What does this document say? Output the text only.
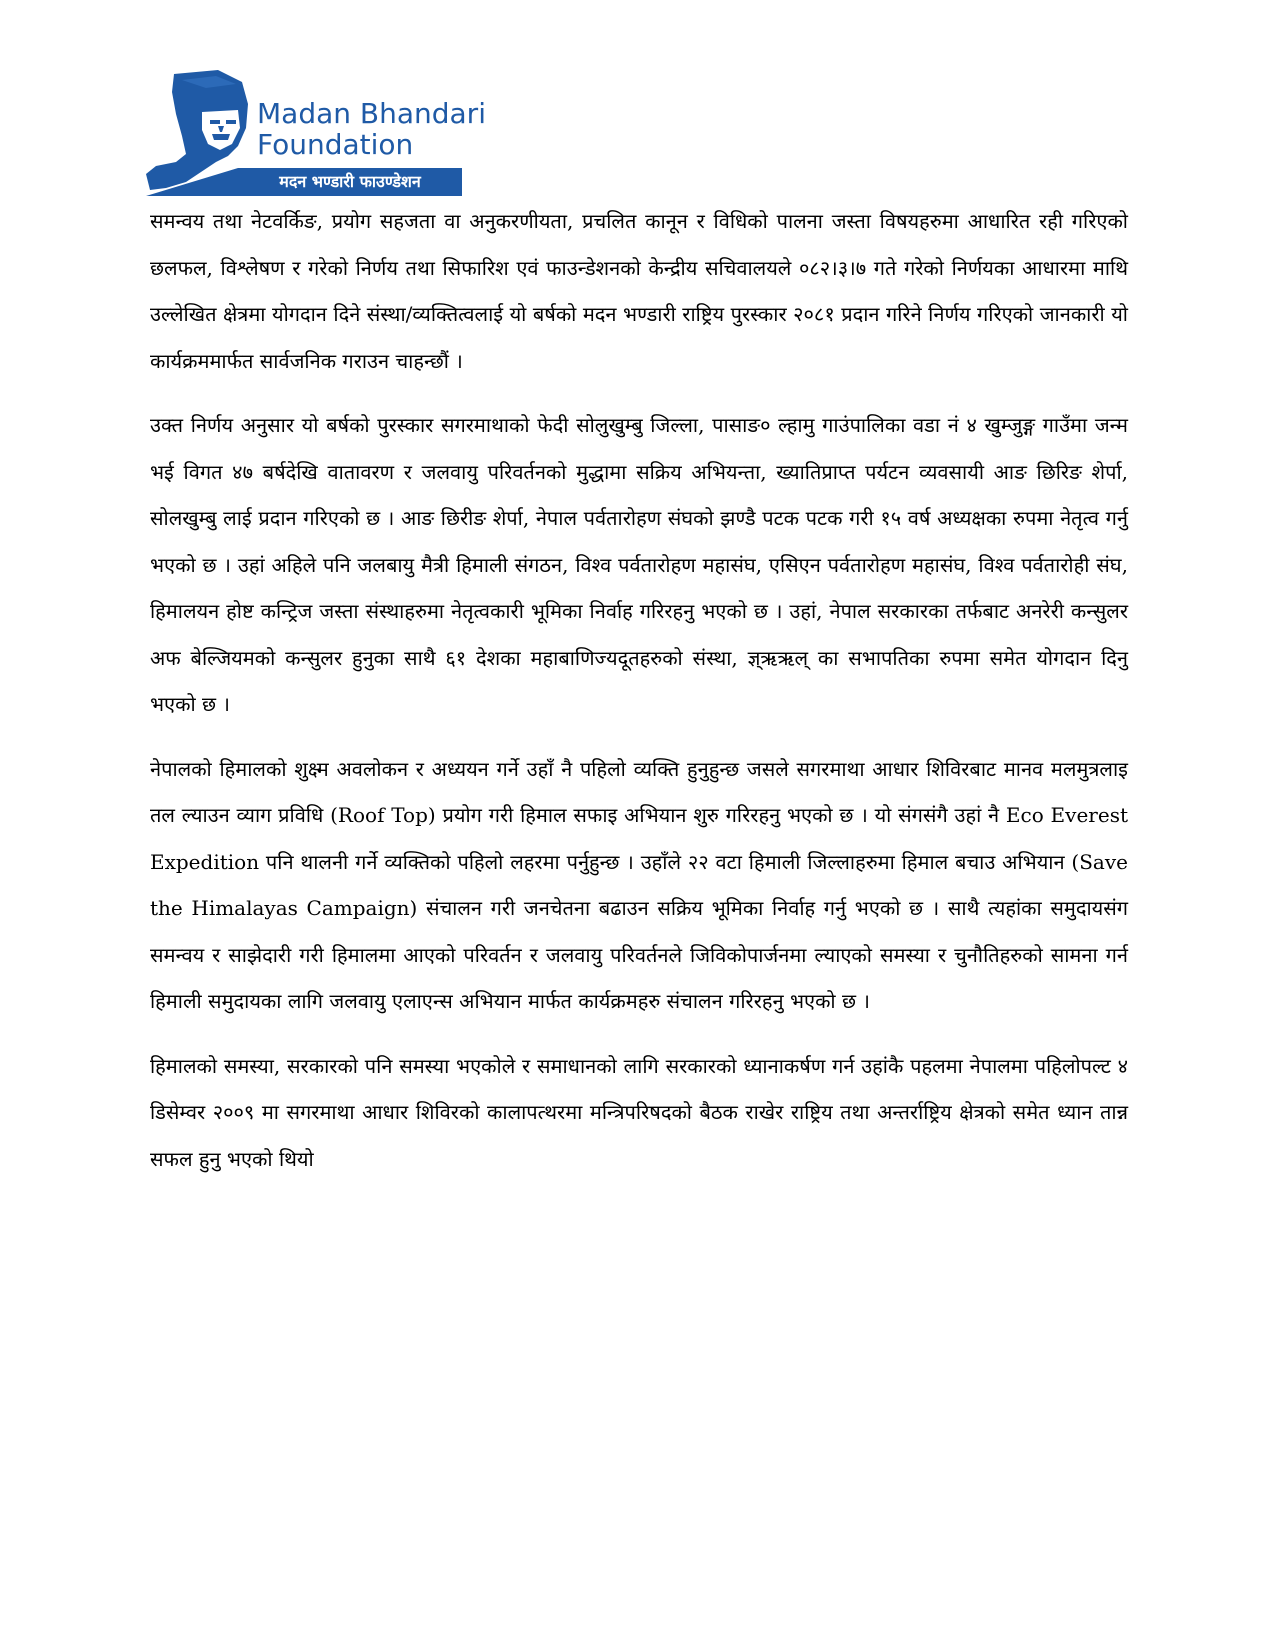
Madan Bhandari
Foundation
मदन भण्डारी फाउण्डेशन

समन्वय तथा नेटवर्किङ, प्रयोग सहजता वा अनुकरणीयता, प्रचलित कानून र विधिको पालना जस्ता विषयहरुमा आधारित रही गरिएको छलफल, विश्लेषण र गरेको निर्णय तथा सिफारिश एवं फाउन्डेशनको केन्द्रीय सचिवालयले ०८२।३।७ गते गरेको निर्णयका आधारमा माथि उल्लेखित क्षेत्रमा योगदान दिने संस्था/व्यक्तित्वलाई यो बर्षको मदन भण्डारी राष्ट्रिय पुरस्कार २०८१ प्रदान गरिने निर्णय गरिएको जानकारी यो कार्यक्रममार्फत सार्वजनिक गराउन चाहन्छौं ।

उक्त निर्णय अनुसार यो बर्षको पुरस्कार सगरमाथाको फेदी सोलुखुम्बु जिल्ला, पासाङ० ल्हामु गाउंपालिका वडा नं ४ खुम्जुङ्ग गाउँमा जन्म भई विगत ४७ बर्षदेखि वातावरण र जलवायु परिवर्तनको मुद्धामा सक्रिय अभियन्ता, ख्यातिप्राप्त पर्यटन व्यवसायी आङ छिरिङ शेर्पा, सोलखुम्बु लाई प्रदान गरिएको छ । आङ छिरीङ शेर्पा, नेपाल पर्वतारोहण संघको झण्डै पटक पटक गरी १५ वर्ष अध्यक्षका रुपमा नेतृत्व गर्नु भएको छ । उहां अहिले पनि जलबायु मैत्री हिमाली संगठन, विश्व पर्वतारोहण महासंघ, एसिएन पर्वतारोहण महासंघ, विश्व पर्वतारोही संघ, हिमालयन होष्ट कन्ट्रिज जस्ता संस्थाहरुमा नेतृत्वकारी भूमिका निर्वाह गरिरहनु भएको छ । उहां, नेपाल सरकारका तर्फबाट अनरेरी कन्सुलर अफ बेल्जियमको कन्सुलर हुनुका साथै ६१ देशका महाबाणिज्यदूतहरुको संस्था, ज्ञ्ऋऋल् का सभापतिका रुपमा समेत योगदान दिनु भएको छ ।

नेपालको हिमालको शुक्ष्म अवलोकन र अध्ययन गर्ने उहाँ नै पहिलो व्यक्ति हुनुहुन्छ जसले सगरमाथा आधार शिविरबाट मानव मलमुत्रलाइ तल ल्याउन व्याग प्रविधि (Roof Top) प्रयोग गरी हिमाल सफाइ अभियान शुरु गरिरहनु भएको छ । यो संगसंगै उहां नै Eco Everest Expedition पनि थालनी गर्ने व्यक्तिको पहिलो लहरमा पर्नुहुन्छ । उहाँले २२ वटा हिमाली जिल्लाहरुमा हिमाल बचाउ अभियान (Save the Himalayas Campaign) संचालन गरी जनचेतना बढाउन सक्रिय भूमिका निर्वाह गर्नु भएको छ । साथै त्यहांका समुदायसंग समन्वय र साझेदारी गरी हिमालमा आएको परिवर्तन र जलवायु परिवर्तनले जिविकोपार्जनमा ल्याएको समस्या र चुनौतिहरुको सामना गर्न हिमाली समुदायका लागि जलवायु एलाएन्स अभियान मार्फत कार्यक्रमहरु संचालन गरिरहनु भएको छ ।

हिमालको समस्या, सरकारको पनि समस्या भएकोले र समाधानको लागि सरकारको ध्यानाकर्षण गर्न उहांकै पहलमा नेपालमा पहिलोपल्ट ४ डिसेम्वर २००९ मा सगरमाथा आधार शिविरको कालापत्थरमा मन्त्रिपरिषदको बैठक राखेर राष्ट्रिय तथा अन्तर्राष्ट्रिय क्षेत्रको समेत ध्यान तान्न सफल हुनु भएको थियो
